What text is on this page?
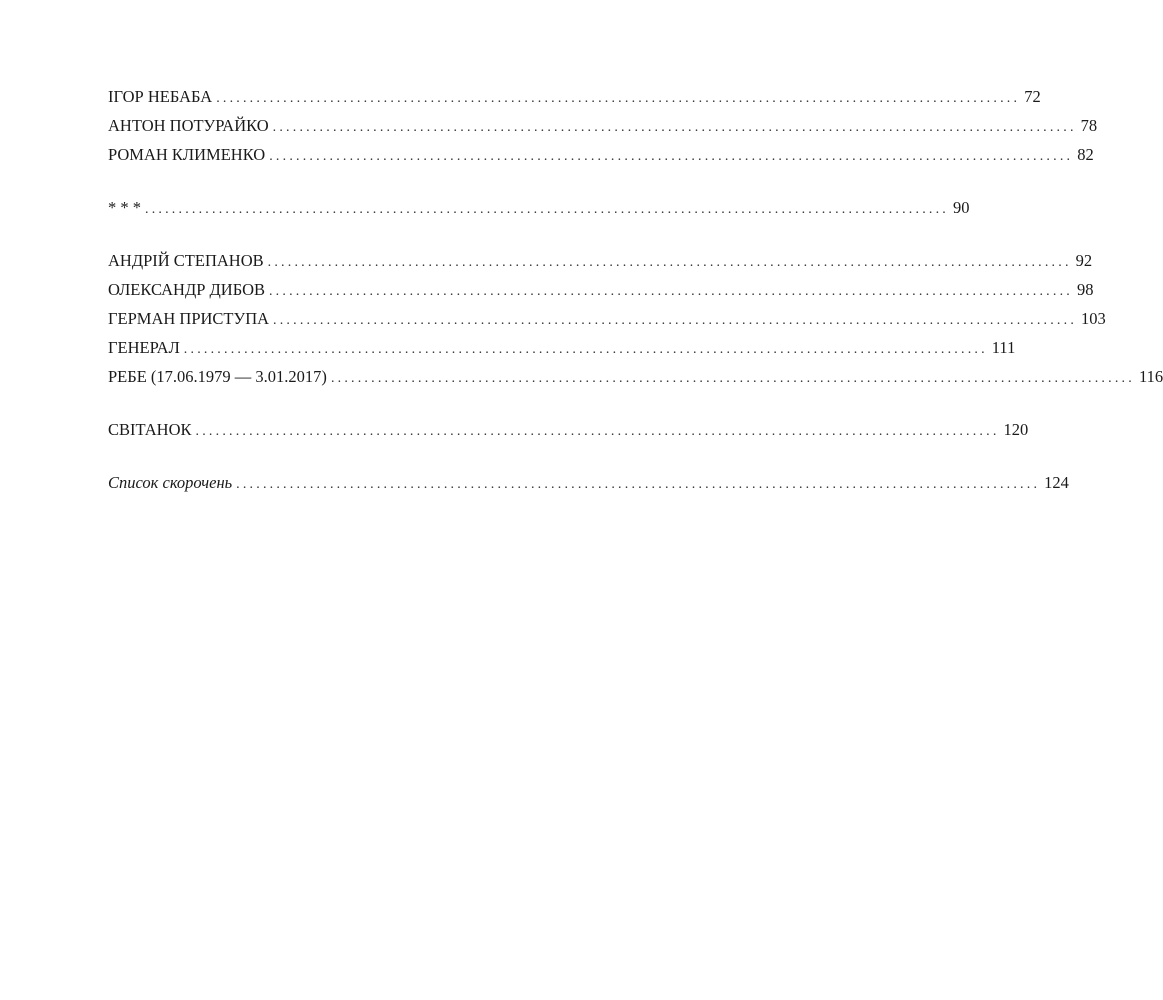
ІГОР НЕБАБА ........................................................................................................................ 72
АНТОН ПОТУРАЙКО ........................................................................................................................ 78
РОМАН КЛИМЕНКО ........................................................................................................................ 82
* * * ........................................................................................................................ 90
АНДРІЙ СТЕПАНОВ ........................................................................................................................ 92
ОЛЕКСАНДР ДИБОВ ........................................................................................................................ 98
ГЕРМАН ПРИСТУПА ........................................................................................................................ 103
ГЕНЕРАЛ ........................................................................................................................ 111
РЕБЕ (17.06.1979 — 3.01.2017) ........................................................................................................................ 116
СВІТАНОК ........................................................................................................................ 120
Список скорочень ........................................................................................................................ 124
